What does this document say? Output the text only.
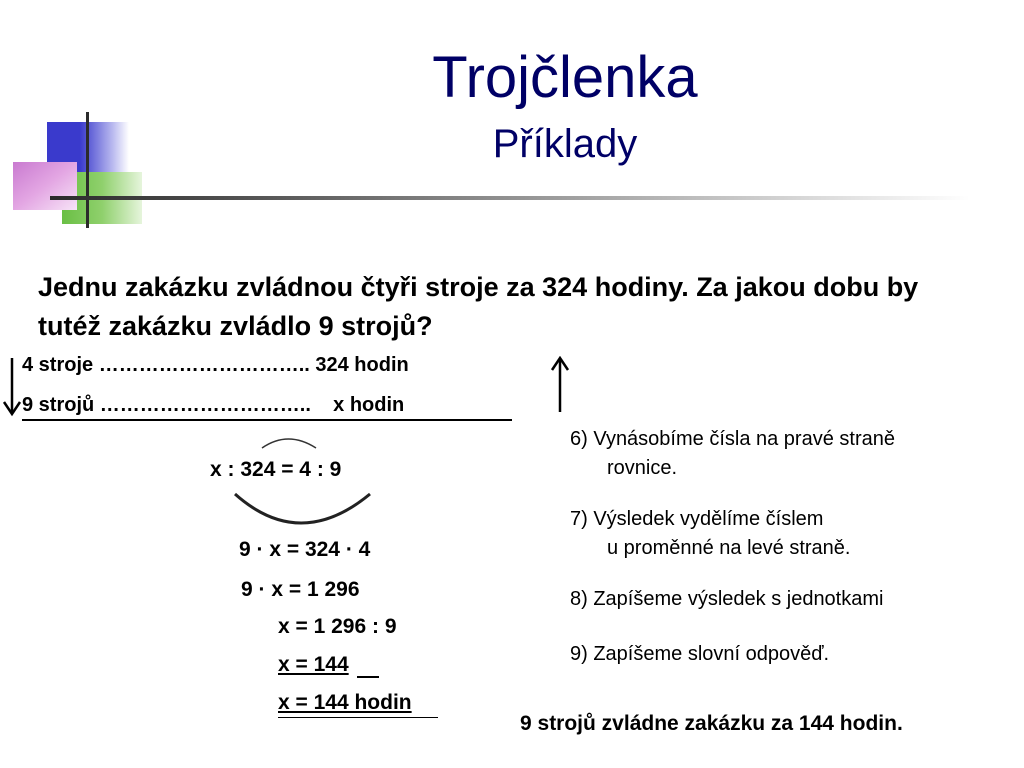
Trojčlenka
Příklady
Jednu zakázku zvládnou čtyři stroje za 324 hodiny. Za jakou dobu by tutéž zakázku zvládlo 9 strojů?
4 stroje ………………………….. 324 hodin
9 strojů …………………………..    x hodin
x : 324 = 4 : 9
9 · x = 324 · 4
9 · x = 1 296
x = 1 296 : 9
x = 144
x = 144 hodin
6) Vynásobíme čísla na pravé straně
rovnice.
7) Výsledek vydělíme číslem
u proměnné na levé straně.
8) Zapíšeme výsledek s jednotkami
9) Zapíšeme slovní odpověď.
9 strojů zvládne zakázku za 144 hodin.
